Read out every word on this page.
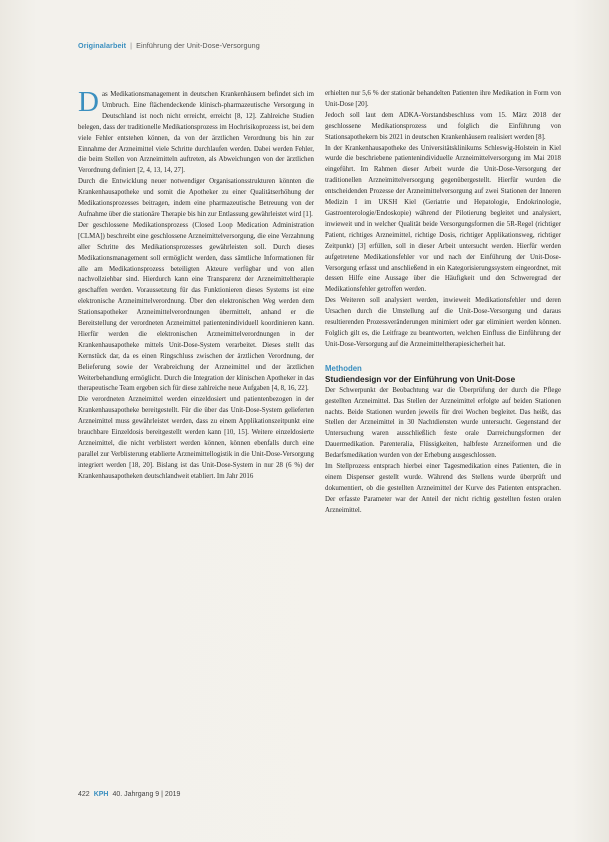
Originalarbeit | Einführung der Unit-Dose-Versorgung

Das Medikationsmanagement in deutschen Krankenhäusern befindet sich im Umbruch. Eine flächendeckende klinisch-pharmazeutische Versorgung in Deutschland ist noch nicht erreicht, erreicht [8, 12]. Zahlreiche Studien belegen, dass der traditionelle Medikationsprozess im Hochrisikoprozess ist, bei dem viele Fehler entstehen können, da von der ärztlichen Verordnung bis hin zur Einnahme der Arzneimittel viele Schritte durchlaufen werden. Dabei werden Fehler, die beim Stellen von Arzneimitteln auftreten, als Abweichungen von der ärztlichen Verordnung definiert [2, 4, 13, 14, 27].

Durch die Entwicklung neuer notwendiger Organisationsstrukturen könnten die Krankenhausapotheke und somit die Apotheker zu einer Qualitätserhöhung der Medikationsprozesses beitragen, indem eine pharmazeutische Betreuung von der Aufnahme über die stationäre Therapie bis hin zur Entlassung gewährleistet wird [1].

Der geschlossene Medikationsprozess (Closed Loop Medication Administration [CLMA]) beschreibt eine geschlossene Arzneimittelversorgung, die eine Verzahnung aller Schritte des Medikationsprozesses gewährleisten soll. Durch dieses Medikationsmanagement soll ermöglicht werden, dass sämtliche Informationen für alle am Medikationsprozess beteiligten Akteure verfügbar und von allen nachvollziehbar sind. Hierdurch kann eine Transparenz der Arzneimitteltherapie geschaffen werden. Voraussetzung für das Funktionieren dieses Systems ist eine elektronische Arzneimittelverordnung. Über den elektronischen Weg werden dem Stationsapotheker Arzneimittelverordnungen übermittelt, anhand er die Bereitstellung der verordneten Arzneimittel patientenindividuell koordinieren kann. Hierfür werden die elektronischen Arzneimittelverordnungen in der Krankenhausapotheke mittels Unit-Dose-System verarbeitet. Dieses stellt das Kernstück dar, da es einen Ringschluss zwischen der ärztlichen Verordnung, der Belieferung sowie der Verabreichung der Arzneimittel und der ärztlichen Weiterbehandlung ermöglicht. Durch die Integration der klinischen Apotheker in das therapeutische Team ergeben sich für diese zahlreiche neue Aufgaben [4, 8, 16, 22].

Die verordneten Arzneimittel werden einzeldosiert und patientenbezogen in der Krankenhausapotheke bereitgestellt. Für die über das Unit-Dose-System gelieferten Arzneimittel muss gewährleistet werden, dass zu einem Applikationszeitpunkt eine brauchbare Einzeldosis bereitgestellt werden kann [10, 15]. Weitere einzeldosierte Arzneimittel, die nicht verblistert werden können, können ebenfalls durch eine parallel zur Verblisterung etablierte Arzneimittellogistik in die Unit-Dose-Versorgung integriert werden [18, 20]. Bislang ist das Unit-Dose-System in nur 28 (6 %) der Krankenhausapotheken deutschlandweit etabliert. Im Jahr 2016

erhielten nur 5,6 % der stationär behandelten Patienten ihre Medikation in Form von Unit-Dose [20].

Jedoch soll laut dem ADKA-Vorstandsbeschluss vom 15. März 2018 der geschlossene Medikationsprozess und folglich die Einführung von Stationsapothekern bis 2021 in deutschen Krankenhäusern realisiert werden [8].

In der Krankenhausapotheke des Universitätsklinikums Schleswig-Holstein in Kiel wurde die beschriebene patientenindividuelle Arzneimittelversorgung im Mai 2018 eingeführt. Im Rahmen dieser Arbeit wurde die Unit-Dose-Versorgung der traditionellen Arzneimittelversorgung gegenübergestellt. Hierfür wurden die entscheidenden Prozesse der Arzneimittelversorgung auf zwei Stationen der Inneren Medizin I im UKSH Kiel (Geriatrie und Hepatologie, Endokrinologie, Gastroenterologie/Endoskopie) während der Pilotierung begleitet und analysiert, inwieweit und in welcher Qualität beide Versorgungsformen die 5R-Regel (richtiger Patient, richtiges Arzneimittel, richtige Dosis, richtiger Applikationsweg, richtiger Zeitpunkt) [3] erfüllen, soll in dieser Arbeit untersucht werden. Hierfür werden aufgetretene Medikationsfehler vor und nach der Einführung der Unit-Dose-Versorgung erfasst und anschließend in ein Kategorisierungssystem eingeordnet, mit dessen Hilfe eine Aussage über die Häufigkeit und den Schweregrad der Medikationsfehler getroffen werden.

Des Weiteren soll analysiert werden, inwieweit Medikationsfehler und deren Ursachen durch die Umstellung auf die Unit-Dose-Versorgung und daraus resultierenden Prozessveränderungen minimiert oder gar eliminiert werden können. Folglich gilt es, die Leitfrage zu beantworten, welchen Einfluss die Einführung der Unit-Dose-Versorgung auf die Arzneimitteltherapiesicherheit hat.

Methoden
Studiendesign vor der Einführung von Unit-Dose

Der Schwerpunkt der Beobachtung war die Überprüfung der durch die Pflege gestellten Arzneimittel. Das Stellen der Arzneimittel erfolgte auf beiden Stationen nachts. Beide Stationen wurden jeweils für drei Wochen begleitet. Das heißt, das Stellen der Arzneimittel in 30 Nachtdiensten wurde untersucht. Gegenstand der Untersuchung waren ausschließlich feste orale Darreichungsformen der Dauermedikation. Parenteralia, Flüssigkeiten, halbfeste Arzneiformen und die Bedarfsmedikation wurden von der Erhebung ausgeschlossen.

Im Stellprozess entsprach hierbei einer Tagesmedikation eines Patienten, die in einem Dispenser gestellt wurde. Während des Stellens wurde überprüft und dokumentiert, ob die gestellten Arzneimittel der Kurve des Patienten entsprachen. Der erfasste Parameter war der Anteil der nicht richtig gestellten festen oralen Arzneimittel.

422 KPH 40. Jahrgang 9 | 2019
